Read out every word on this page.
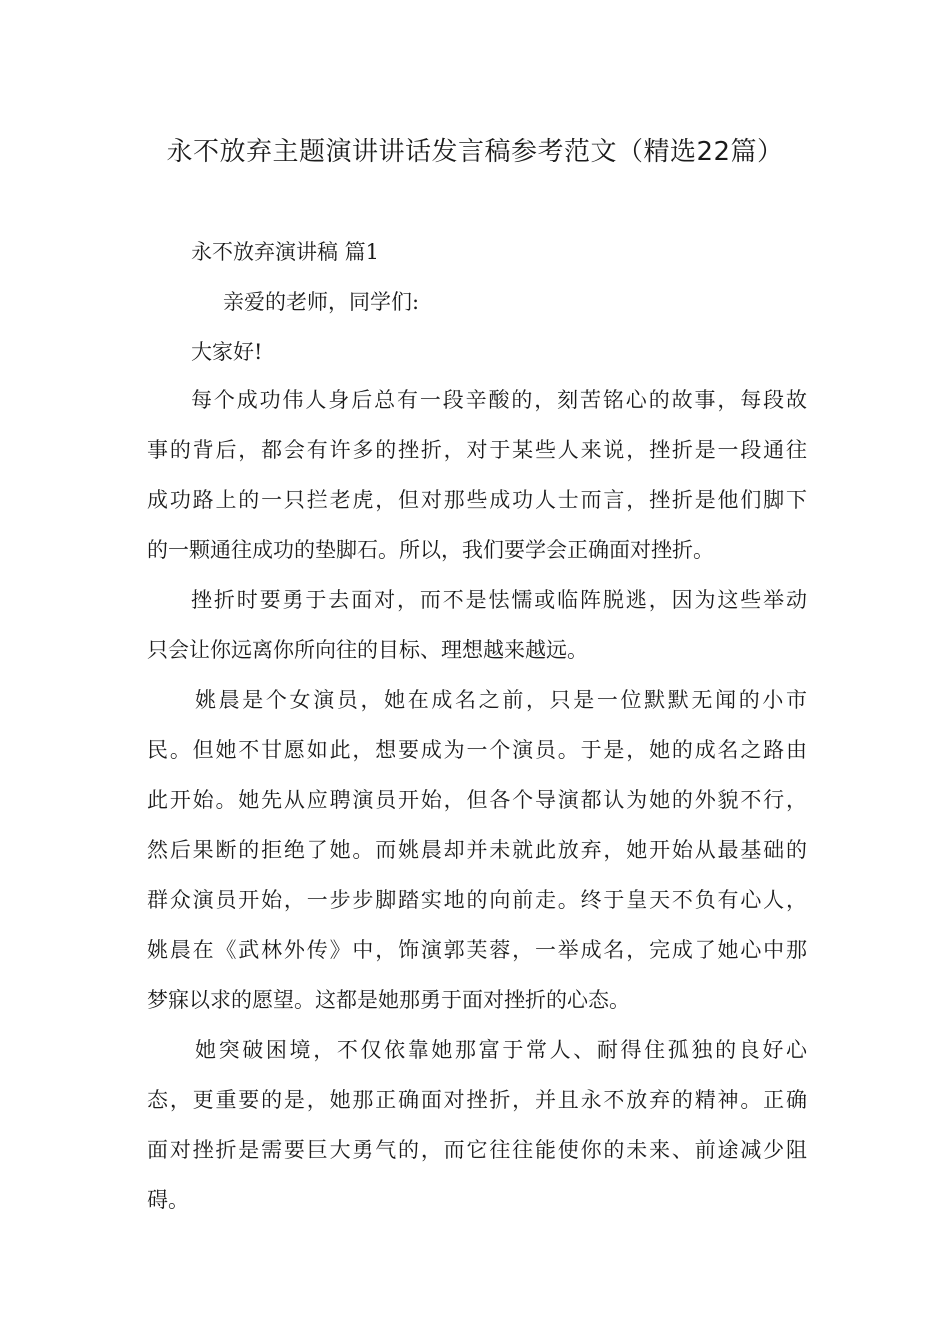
永不放弃主题演讲讲话发言稿参考范文（精选22篇）
永不放弃演讲稿 篇1
亲爱的老师，同学们:
大家好!
每个成功伟人身后总有一段辛酸的，刻苦铭心的故事，每段故
事的背后，都会有许多的挫折，对于某些人来说，挫折是一段通往
成功路上的一只拦老虎，但对那些成功人士而言，挫折是他们脚下
的一颗通往成功的垫脚石。所以，我们要学会正确面对挫折。
挫折时要勇于去面对，而不是怯懦或临阵脱逃，因为这些举动
只会让你远离你所向往的目标、理想越来越远。
姚晨是个女演员，她在成名之前，只是一位默默无闻的小市
民。但她不甘愿如此，想要成为一个演员。于是，她的成名之路由
此开始。她先从应聘演员开始，但各个导演都认为她的外貌不行，
然后果断的拒绝了她。而姚晨却并未就此放弃，她开始从最基础的
群众演员开始，一步步脚踏实地的向前走。终于皇天不负有心人，
姚晨在《武林外传》中，饰演郭芙蓉，一举成名，完成了她心中那
梦寐以求的愿望。这都是她那勇于面对挫折的心态。
她突破困境，不仅依靠她那富于常人、耐得住孤独的良好心
态，更重要的是，她那正确面对挫折，并且永不放弃的精神。正确
面对挫折是需要巨大勇气的，而它往往能使你的未来、前途减少阻
碍。
